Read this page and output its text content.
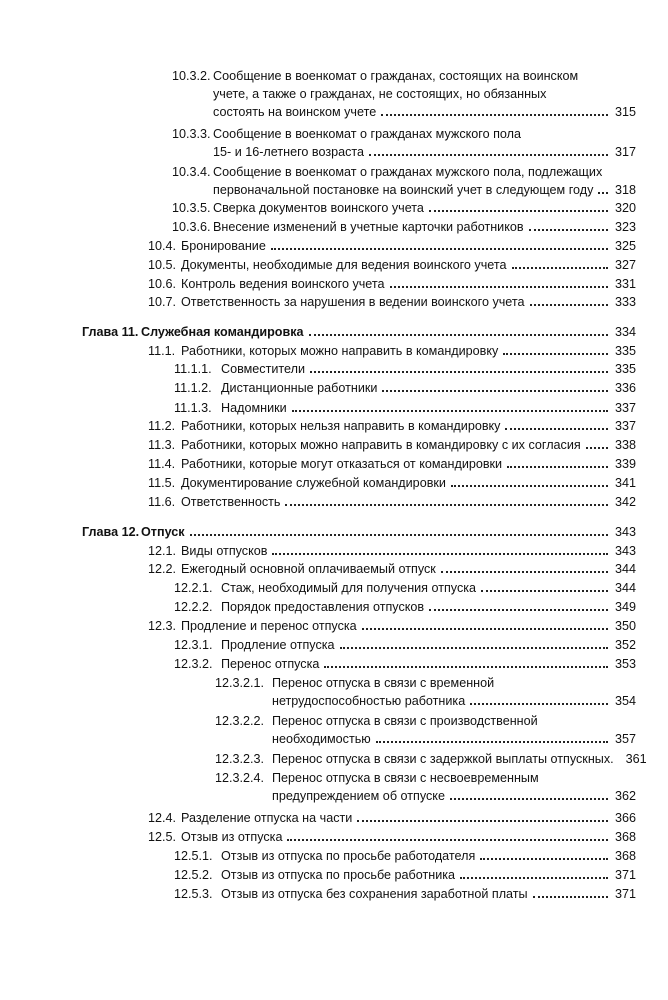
10.3.2. Сообщение в военкомат о гражданах, состоящих на воинском
учете, а также о гражданах, не состоящих, но обязанных
состоять на воинском учете	315
10.3.3. Сообщение в военкомат о гражданах мужского пола
15- и 16-летнего возраста	317
10.3.4. Сообщение в военкомат о гражданах мужского пола, подлежащих
первоначальной постановке на воинский учет в следующем году 318
10.3.5. Сверка документов воинского учета	320
10.3.6. Внесение изменений в учетные карточки работников	323
10.4. Бронирование	325
10.5. Документы, необходимые для ведения воинского учета	327
10.6. Контроль ведения воинского учета	331
10.7. Ответственность за нарушения в ведении воинского учета	333
Глава 11. Служебная командировка	334
11.1. Работники, которых можно направить в командировку	335
11.1.1. Совместители	335
11.1.2. Дистанционные работники	336
11.1.3. Надомники	337
11.2. Работники, которых нельзя направить в командировку	337
11.3. Работники, которых можно направить в командировку с их согласия	338
11.4. Работники, которые могут отказаться от командировки	339
11.5. Документирование служебной командировки	341
11.6. Ответственность	342
Глава 12. Отпуск	343
12.1. Виды отпусков	343
12.2. Ежегодный основной оплачиваемый отпуск	344
12.2.1. Стаж, необходимый для получения отпуска	344
12.2.2. Порядок предоставления отпусков	349
12.3. Продление и перенос отпуска	350
12.3.1. Продление отпуска	352
12.3.2. Перенос отпуска	353
12.3.2.1. Перенос отпуска в связи с временной
нетрудоспособностью работника	354
12.3.2.2. Перенос отпуска в связи с производственной
необходимостью	357
12.3.2.3. Перенос отпуска в связи с задержкой выплаты отпускных. 361
12.3.2.4. Перенос отпуска в связи с несвоевременным
предупреждением об отпуске	362
12.4. Разделение отпуска на части	366
12.5. Отзыв из отпуска	368
12.5.1. Отзыв из отпуска по просьбе работодателя	368
12.5.2. Отзыв из отпуска по просьбе работника	371
12.5.3. Отзыв из отпуска без сохранения заработной платы	371
